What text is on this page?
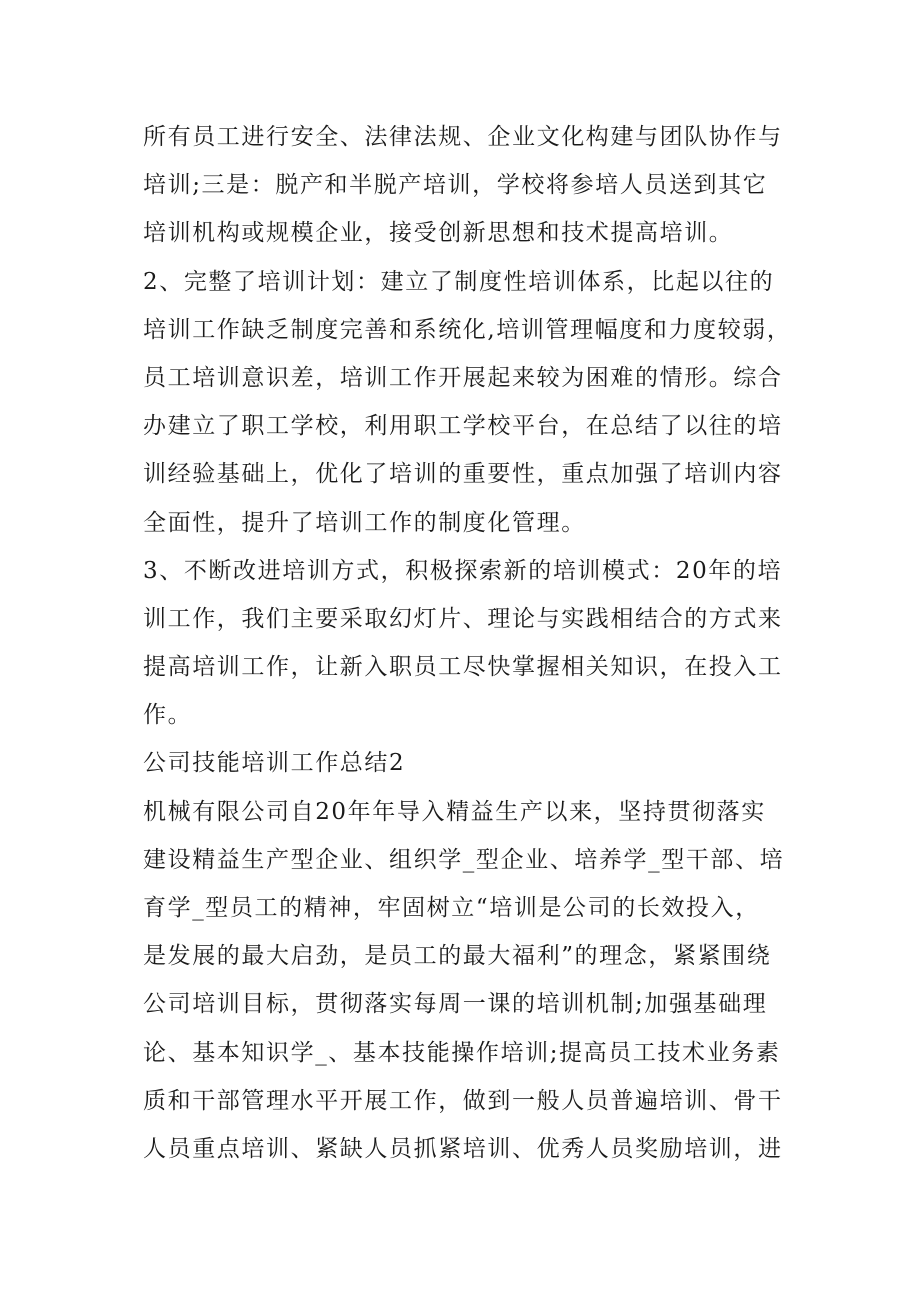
所有员工进行安全、法律法规、企业文化构建与团队协作与
培训;三是：脱产和半脱产培训，学校将参培人员送到其它
培训机构或规模企业，接受创新思想和技术提高培训。
2、完整了培训计划：建立了制度性培训体系，比起以往的
培训工作缺乏制度完善和系统化,培训管理幅度和力度较弱，
员工培训意识差，培训工作开展起来较为困难的情形。综合
办建立了职工学校，利用职工学校平台，在总结了以往的培
训经验基础上，优化了培训的重要性，重点加强了培训内容
全面性，提升了培训工作的制度化管理。
3、不断改进培训方式，积极探索新的培训模式：20年的培
训工作，我们主要采取幻灯片、理论与实践相结合的方式来
提高培训工作，让新入职员工尽快掌握相关知识，在投入工
作。
公司技能培训工作总结2
机械有限公司自20年年导入精益生产以来，坚持贯彻落实
建设精益生产型企业、组织学_型企业、培养学_型干部、培
育学_型员工的精神，牢固树立“培训是公司的长效投入，
是发展的最大启劲，是员工的最大福利”的理念，紧紧围绕
公司培训目标，贯彻落实每周一课的培训机制;加强基础理
论、基本知识学_、基本技能操作培训;提高员工技术业务素
质和干部管理水平开展工作，做到一般人员普遍培训、骨干
人员重点培训、紧缺人员抓紧培训、优秀人员奖励培训，进
